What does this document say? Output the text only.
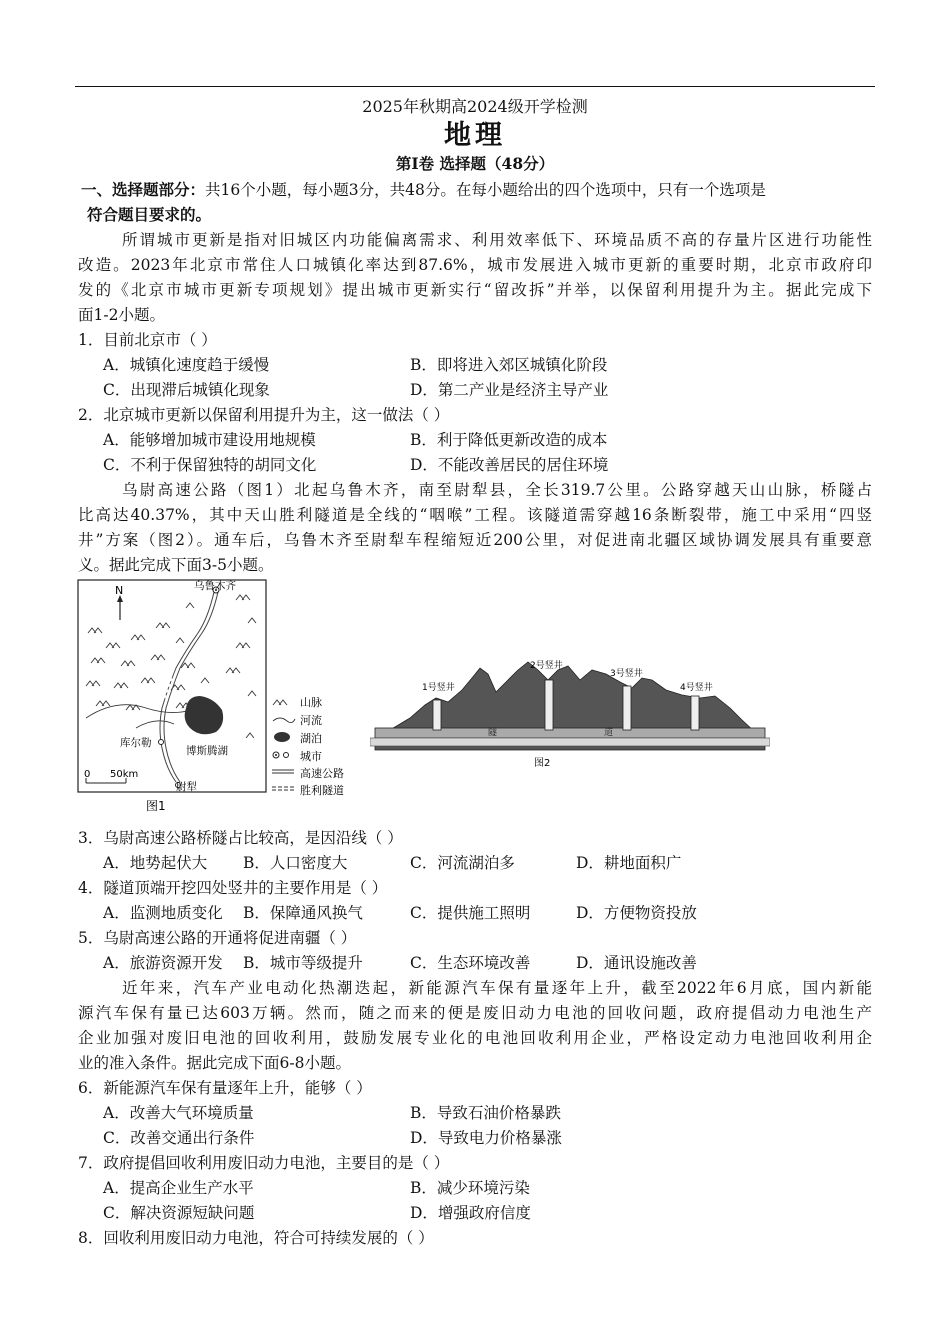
2025年秋期高2024级开学检测
地理
第Ⅰ卷 选择题（48分）
一、选择题部分：共16个小题，每小题3分，共48分。在每小题给出的四个选项中，只有一个选项是
符合题目要求的。
所谓城市更新是指对旧城区内功能偏离需求、利用效率低下、环境品质不高的存量片区进行功能性
改造。2023年北京市常住人口城镇化率达到87.6%，城市发展进入城市更新的重要时期，北京市政府印
发的《北京市城市更新专项规划》提出城市更新实行“留改拆”并举，以保留利用提升为主。据此完成下
面1-2小题。
1．目前北京市（ ）
A．城镇化速度趋于缓慢	B．即将进入郊区城镇化阶段
C．出现滞后城镇化现象	D．第二产业是经济主导产业
2．北京城市更新以保留利用提升为主，这一做法（ ）
A．能够增加城市建设用地规模	B．利于降低更新改造的成本
C．不利于保留独特的胡同文化	D．不能改善居民的居住环境
乌尉高速公路（图1）北起乌鲁木齐，南至尉犁县，全长319.7公里。公路穿越天山山脉，桥隧占
比高达40.37%，其中天山胜利隧道是全线的“咽喉”工程。该隧道需穿越16条断裂带，施工中采用“四竖
井”方案（图2）。通车后，乌鲁木齐至尉犁车程缩短近200公里，对促进南北疆区域协调发展具有重要意
义。据此完成下面3-5小题。
N	乌鲁木齐
库尔勒
尉犁
博斯腾湖
0 50km
图1
山脉
河流
湖泊
城市
高速公路
胜利隧道
1号竖井
2号竖井
3号竖井
4号竖井
隧	道
图2
3．乌尉高速公路桥隧占比较高，是因沿线（ ）
A．地势起伏大 B．人口密度大	C．河流湖泊多	D．耕地面积广
4．隧道顶端开挖四处竖井的主要作用是（ ）
A．监测地质变化 B．保障通风换气	C．提供施工照明	D．方便物资投放
5．乌尉高速公路的开通将促进南疆（ ）
A．旅游资源开发 B．城市等级提升	C．生态环境改善	D．通讯设施改善
近年来，汽车产业电动化热潮迭起，新能源汽车保有量逐年上升，截至2022年6月底，国内新能
源汽车保有量已达603万辆。然而，随之而来的便是废旧动力电池的回收问题，政府提倡动力电池生产
企业加强对废旧电池的回收利用，鼓励发展专业化的电池回收利用企业，严格设定动力电池回收利用企
业的准入条件。据此完成下面6-8小题。
6．新能源汽车保有量逐年上升，能够（ ）
A．改善大气环境质量	B．导致石油价格暴跌
C．改善交通出行条件	D．导致电力价格暴涨
7．政府提倡回收利用废旧动力电池，主要目的是（ ）
A．提高企业生产水平	B．减少环境污染
C．解决资源短缺问题	D．增强政府信度
8．回收利用废旧动力电池，符合可持续发展的（ ）
